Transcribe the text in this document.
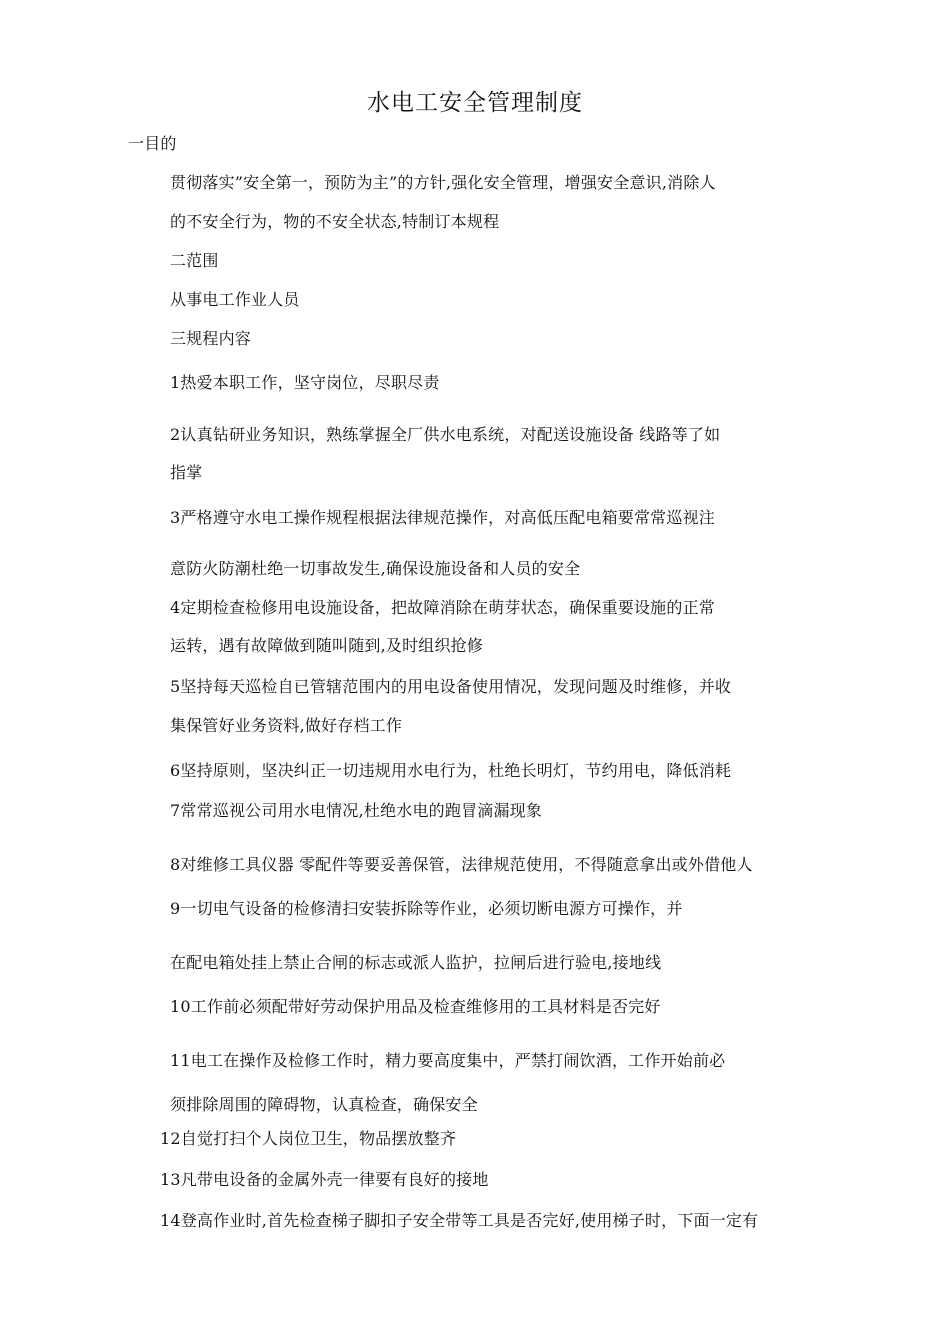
水电工安全管理制度
一目的
贯彻落实”安全第一，预防为主”的方针,强化安全管理，增强安全意识,消除人
的不安全行为，物的不安全状态,特制订本规程
二范围
从事电工作业人员
三规程内容
1热爱本职工作，坚守岗位，尽职尽责
2认真钻研业务知识，熟练掌握全厂供水电系统，对配送设施设备 线路等了如
指掌
3严格遵守水电工操作规程根据法律规范操作，对高低压配电箱要常常巡视注
意防火防潮杜绝一切事故发生,确保设施设备和人员的安全
4定期检查检修用电设施设备，把故障消除在萌芽状态，确保重要设施的正常
运转，遇有故障做到随叫随到,及时组织抢修
5坚持每天巡检自已管辖范围内的用电设备使用情况，发现问题及时维修，并收
集保管好业务资料,做好存档工作
6坚持原则，坚决纠正一切违规用水电行为，杜绝长明灯，节约用电，降低消耗
7常常巡视公司用水电情况,杜绝水电的跑冒滴漏现象
8对维修工具仪器 零配件等要妥善保管，法律规范使用，不得随意拿出或外借他人
9一切电气设备的检修清扫安装拆除等作业，必须切断电源方可操作，并
在配电箱处挂上禁止合闸的标志或派人监护，拉闸后进行验电,接地线
10工作前必须配带好劳动保护用品及检查维修用的工具材料是否完好
11电工在操作及检修工作时，精力要高度集中，严禁打闹饮酒，工作开始前必
须排除周围的障碍物，认真检查，确保安全
12自觉打扫个人岗位卫生，物品摆放整齐
13凡带电设备的金属外壳一律要有良好的接地
14登高作业时,首先检查梯子脚扣子安全带等工具是否完好,使用梯子时，下面一定有
